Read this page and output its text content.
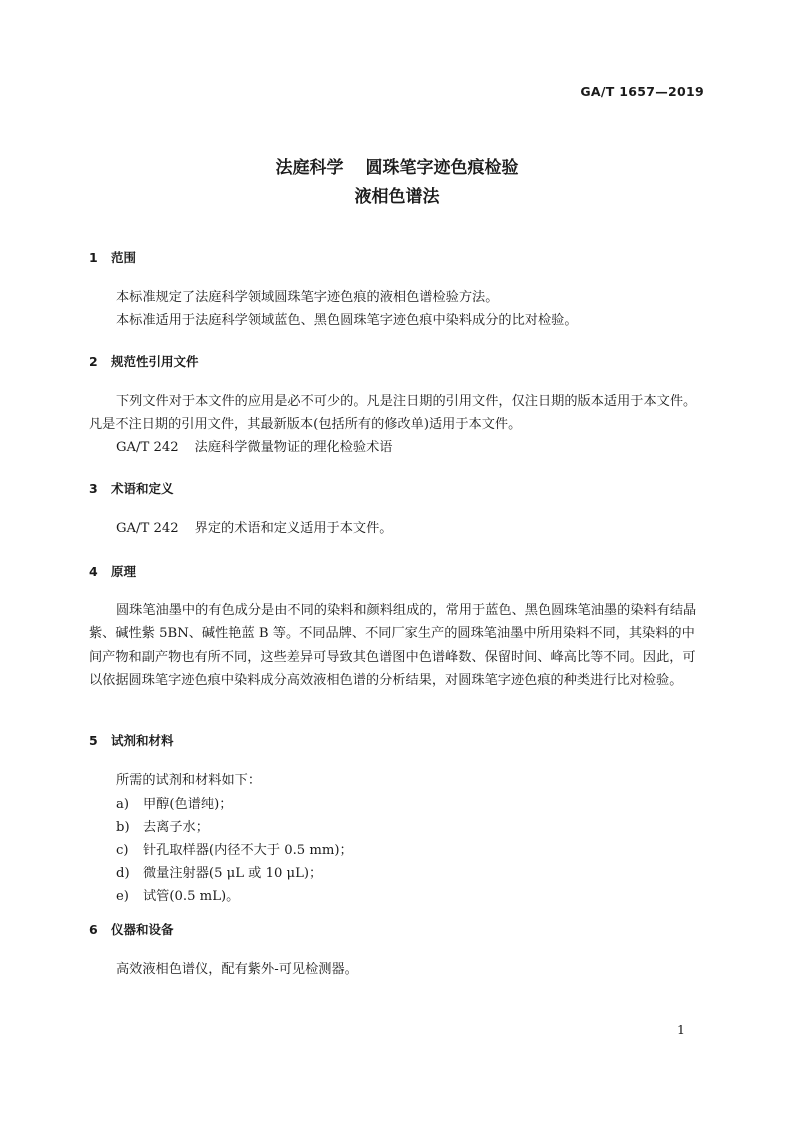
GA/T 1657—2019
法庭科学 圆珠笔字迹色痕检验
液相色谱法
1 范围
本标准规定了法庭科学领域圆珠笔字迹色痕的液相色谱检验方法。
本标准适用于法庭科学领域蓝色、黑色圆珠笔字迹色痕中染料成分的比对检验。
2 规范性引用文件
下列文件对于本文件的应用是必不可少的。凡是注日期的引用文件，仅注日期的版本适用于本文件。凡是不注日期的引用文件，其最新版本(包括所有的修改单)适用于本文件。
GA/T 242 法庭科学微量物证的理化检验术语
3 术语和定义
GA/T 242 界定的术语和定义适用于本文件。
4 原理
圆珠笔油墨中的有色成分是由不同的染料和颜料组成的，常用于蓝色、黑色圆珠笔油墨的染料有结晶紫、碱性紫 5BN、碱性艳蓝 B 等。不同品牌、不同厂家生产的圆珠笔油墨中所用染料不同，其染料的中间产物和副产物也有所不同，这些差异可导致其色谱图中色谱峰数、保留时间、峰高比等不同。因此，可以依据圆珠笔字迹色痕中染料成分高效液相色谱的分析结果，对圆珠笔字迹色痕的种类进行比对检验。
5 试剂和材料
所需的试剂和材料如下：
a) 甲醇(色谱纯)；
b) 去离子水；
c) 针孔取样器(内径不大于 0.5 mm)；
d) 微量注射器(5 μL 或 10 μL)；
e) 试管(0.5 mL)。
6 仪器和设备
高效液相色谱仪，配有紫外-可见检测器。
1
